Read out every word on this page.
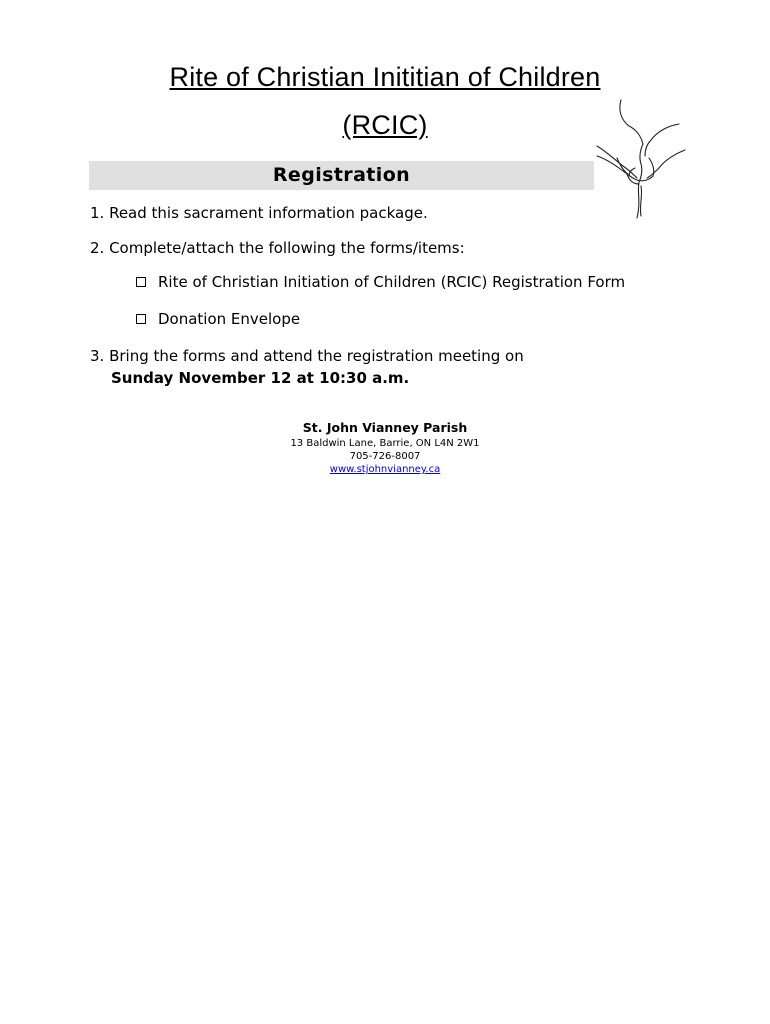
Rite of Christian Inititian of Children
(RCIC)
Registration

1. Read this sacrament information package.

2. Complete/attach the following the forms/items:

Rite of Christian Initiation of Children (RCIC) Registration Form
Donation Envelope

3. Bring the forms and attend the registration meeting on
Sunday November 12 at 10:30 a.m.

St. John Vianney Parish
13 Baldwin Lane, Barrie, ON L4N 2W1
705-726-8007
www.stjohnvianney.ca
